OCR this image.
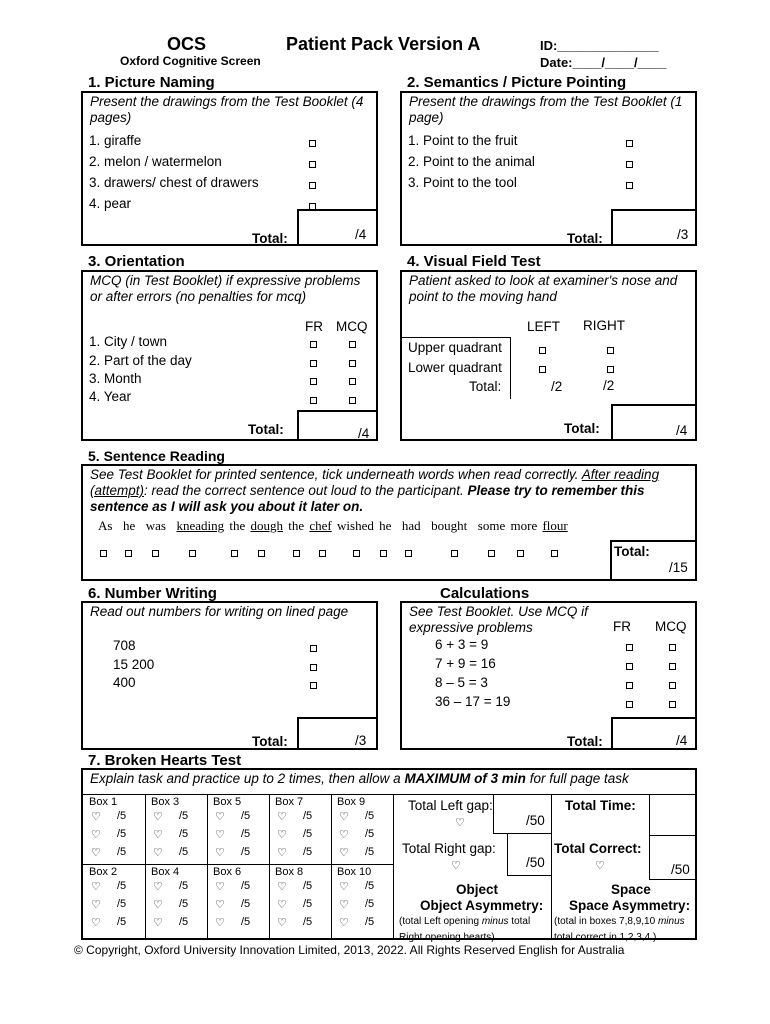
OCS
Oxford Cognitive Screen
Patient Pack Version A	ID:______________
Date:____/____/____
1. Picture Naming
Present the drawings from the Test Booklet (4 pages)
1. giraffe
2. melon / watermelon
3. drawers/ chest of drawers
4. pear
Total:	/4
2. Semantics / Picture Pointing
Present the drawings from the Test Booklet (1 page)
1. Point to the fruit
2. Point to the animal
3. Point to the tool
Total:	/3
3. Orientation
MCQ (in Test Booklet) if expressive problems or after errors (no penalties for mcq)
FR MCQ
1. City / town
2. Part of the day
3. Month
4. Year
Total:	/4
4. Visual Field Test
Patient asked to look at examiner's nose and point to the moving hand
LEFT RIGHT
Upper quadrant
Lower quadrant
Total:	/2	/2
Total:	/4
5. Sentence Reading
See Test Booklet for printed sentence, tick underneath words when read correctly. After reading (attempt): read the correct sentence out loud to the participant. Please try to remember this sentence as I will ask you about it later on.
As he was kneading the dough the chef wished he had bought some more flour
Total:
/15
6. Number Writing
Read out numbers for writing on lined page
708
15 200
400
Total:	/3
Calculations
See Test Booklet. Use MCQ if expressive problems	FR MCQ
6 + 3 = 9
7 + 9 = 16
8 – 5 = 3
36 – 17 = 19
Total:	/4
7. Broken Hearts Test
Explain task and practice up to 2 times, then allow a MAXIMUM of 3 min for full page task
Box 1
♡ /5
♡ /5
♡ /5
Box 3
♡ /5
♡ /5
♡ /5
Box 5
♡ /5
♡ /5
♡ /5
Box 7
♡ /5
♡ /5
♡ /5
Box 9
♡ /5
♡ /5
♡ /5
Box 2
♡ /5
♡ /5
♡ /5
Box 4
♡ /5
♡ /5
♡ /5
Box 6
♡ /5
♡ /5
♡ /5
Box 8
♡ /5
♡ /5
♡ /5
Box 10
♡ /5
♡ /5
♡ /5
Total Left gap:
♡	/50
Total Right gap:
♡	/50
Object
Object Asymmetry:
(total Left opening minus total Right opening hearts)
Total Time:
Total Correct:
♡	/50
Space
Space Asymmetry:
(total in boxes 7,8,9,10 minus total correct in 1,2,3,4 )
© Copyright, Oxford University Innovation Limited, 2013, 2022. All Rights Reserved English for Australia
